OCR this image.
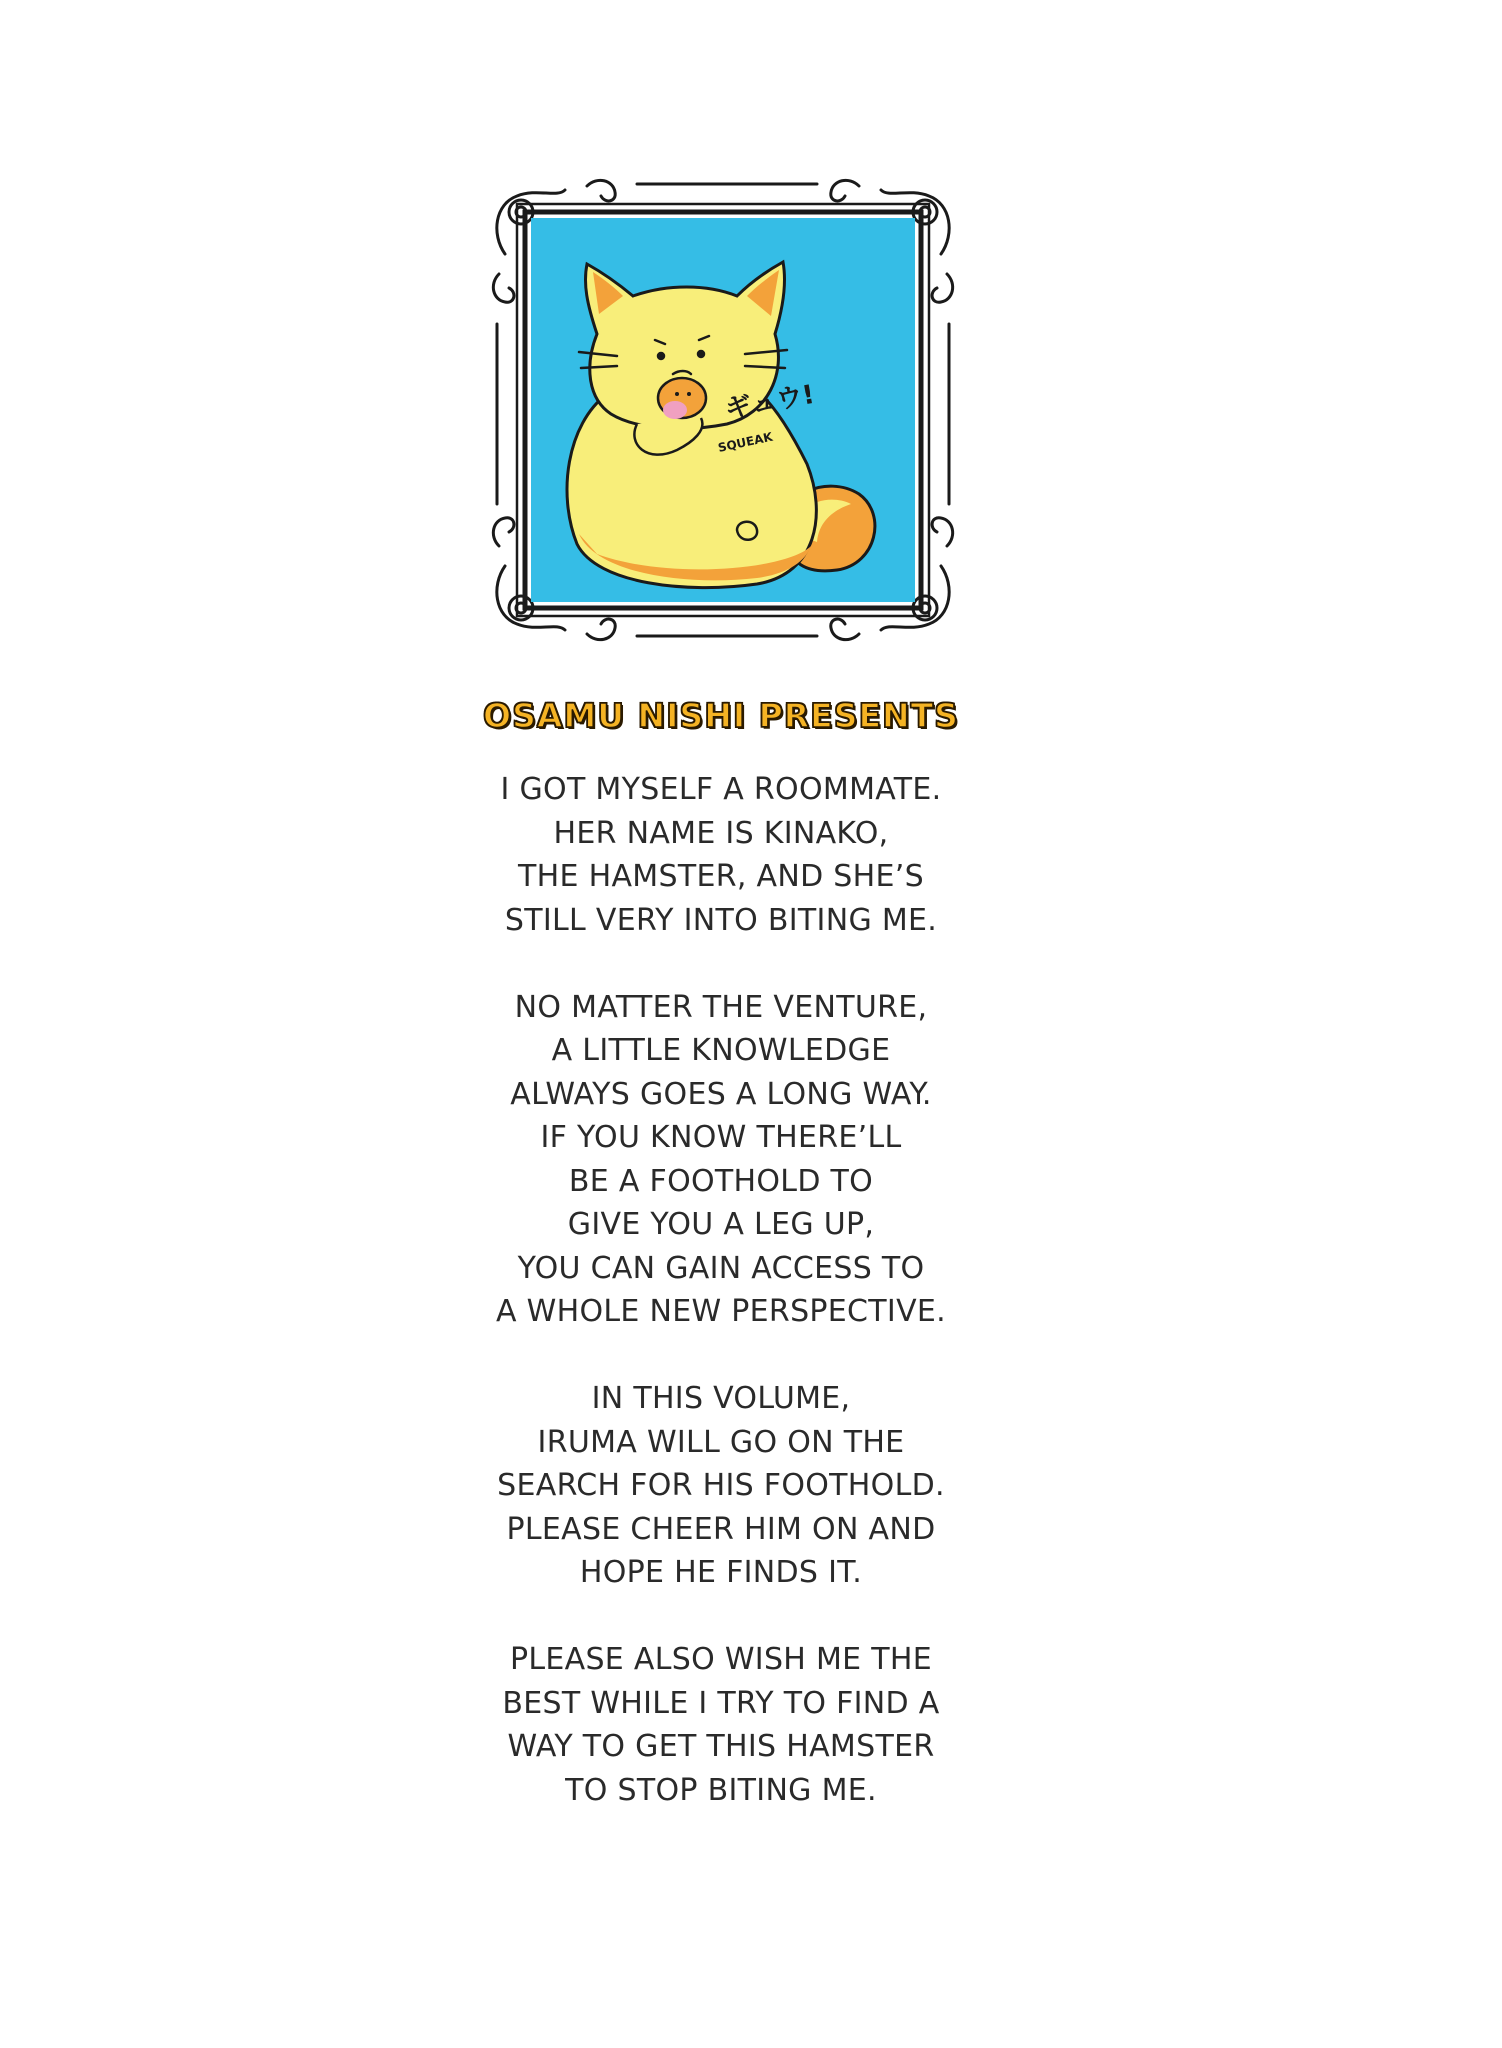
ギュウ!
SQUEAK
OSAMU NISHI PRESENTS
I GOT MYSELF A ROOMMATE.
HER NAME IS KINAKO,
THE HAMSTER, AND SHE’S
STILL VERY INTO BITING ME.
NO MATTER THE VENTURE,
A LITTLE KNOWLEDGE
ALWAYS GOES A LONG WAY.
IF YOU KNOW THERE’LL
BE A FOOTHOLD TO
GIVE YOU A LEG UP,
YOU CAN GAIN ACCESS TO
A WHOLE NEW PERSPECTIVE.
IN THIS VOLUME,
IRUMA WILL GO ON THE
SEARCH FOR HIS FOOTHOLD.
PLEASE CHEER HIM ON AND
HOPE HE FINDS IT.
PLEASE ALSO WISH ME THE
BEST WHILE I TRY TO FIND A
WAY TO GET THIS HAMSTER
TO STOP BITING ME.
